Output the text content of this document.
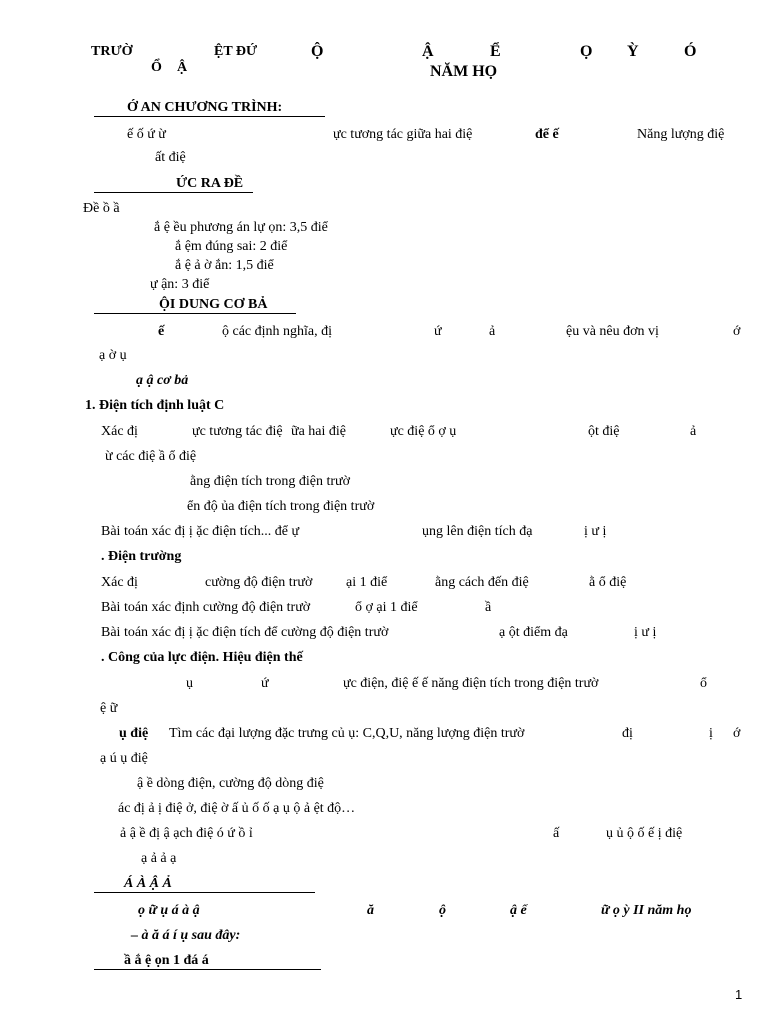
TRƯỜ	ỆT ĐỨ	Ộ	Ậ	Ể	Ọ Ỳ	Ó
Ổ Ậ	NĂM HỌ
Ớ AN CHƯƠNG TRÌNH:
ế ố ứ ừ	ực tương tác giữa hai điệ	để ế	Năng lượng điệ
ất điệ
ỨC RA ĐỀ
Đề ồ ầ
ắ ệ ều phương án lự ọn: 3,5 điể
ắ ệm đúng sai: 2 điể
ắ ệ ả ờ ắn: 1,5 điể
ự ận: 3 điể
ỘI DUNG CƠ BẢ
ế	ộ các định nghĩa, đị	ứ	ả	ệu và nêu đơn vị	ớ
ạ ờ ụ
ạ ậ cơ bả
1. Điện tích định luật C
Xác đị	ực tương tác điệ ữa hai điệ	ực điệ ổ ợ ụ	ột điệ	ả
ừ các điệ ầ ổ điệ
ằng điện tích trong điện trườ
ển độ ủa điện tích trong điện trườ
Bài toán xác đị ị ặc điện tích... để ự	ụng lên điện tích đạ	ị ư ị
. Điện trường
Xác đị	cường độ điện trườ ại 1 điể	ằng cách đến điệ	ằ ổ điệ
Bài toán xác định cường độ điện trườ	ổ ợ ại 1 điể	ầ
Bài toán xác đị ị ặc điện tích để cường độ điện trườ	ạ ột điểm đạ	ị ư ị
. Công của lực điện. Hiệu điện thế
ụ	ứ	ực điện, điệ ế ế năng điện tích trong điện trườ	ổ
ệ ữ
ụ điệ Tìm các đại lượng đặc trưng củ ụ: C,Q,U, năng lượng điện trườ	đị	ị ớ
ạ ú ụ điệ
ậ ề dòng điện, cường độ dòng điệ
ác đị ả ị điệ ở, điệ ờ ấ ủ ố ố ạ ụ ộ ả ệt độ…
ả ậ ề đị ậ ạch điệ ó ứ ồ ỉ	ấ	ụ ủ ộ ố ế ị điệ
ạ ả ả ạ
Á À Ậ Ả
ọ ữ ụ á à ậ	ă	ộ	ậ ể	ữ ọ ỳ II năm họ
– à ă á í ụ sau đây:
ầ ắ ệ ọn 1 đá á
1
